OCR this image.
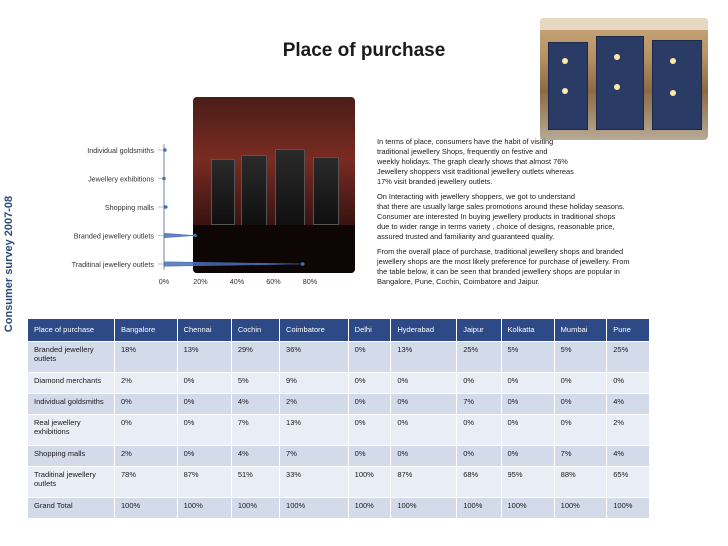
Place of purchase
Consumer survey 2007-08
Individual goldsmiths
Jewellery exhibitions
Shopping malls
Branded jewellery outlets
Traditinal jewellery outlets
0%	20%	40%	60%	80%

In terms of place, consumers have the habit of visiting
traditional jewellery Shops, frequently on festive and
weekly holidays. The graph clearly shows that almost 76%
Jewellery shoppers visit traditional jewellery outlets whereas
17% visit branded jewellery outlets.

On Interacting with jewellery shoppers, we got to understand
that there are usually large sales promotions around these holiday seasons.
Consumer are interested In buying jewellery products in traditional shops
due to wider range in terms variety , choice of designs, reasonable price,
assured trusted and familiarity and guaranteed quality.

From the overall place of purchase, traditional jewellery shops and branded
jewellery shops are the most likely preference for purchase of jewellery. From
the table below, it can be seen that branded jewellery shops are popular in
Bangalore, Pune, Cochin, Coimbatore and Jaipur.

Place of purchase	Bangalore	Chennai	Cochin	Coimbatore	Delhi	Hyderabad	Jaipur	Kolkatta	Mumbai	Pune
Branded jewellery outlets	18%	13%	29%	36%	0%	13%	25%	5%	5%	25%
Diamond merchants	2%	0%	5%	9%	0%	0%	0%	0%	0%	0%
Individual goldsmiths	0%	0%	4%	2%	0%	0%	7%	0%	0%	4%
Real jewellery exhibitions	0%	0%	7%	13%	0%	0%	0%	0%	0%	2%
Shopping malls	2%	0%	4%	7%	0%	0%	0%	0%	7%	4%
Traditinal jewellery outlets	78%	87%	51%	33%	100%	87%	68%	95%	88%	65%
Grand Total	100%	100%	100%	100%	100%	100%	100%	100%	100%	100%
